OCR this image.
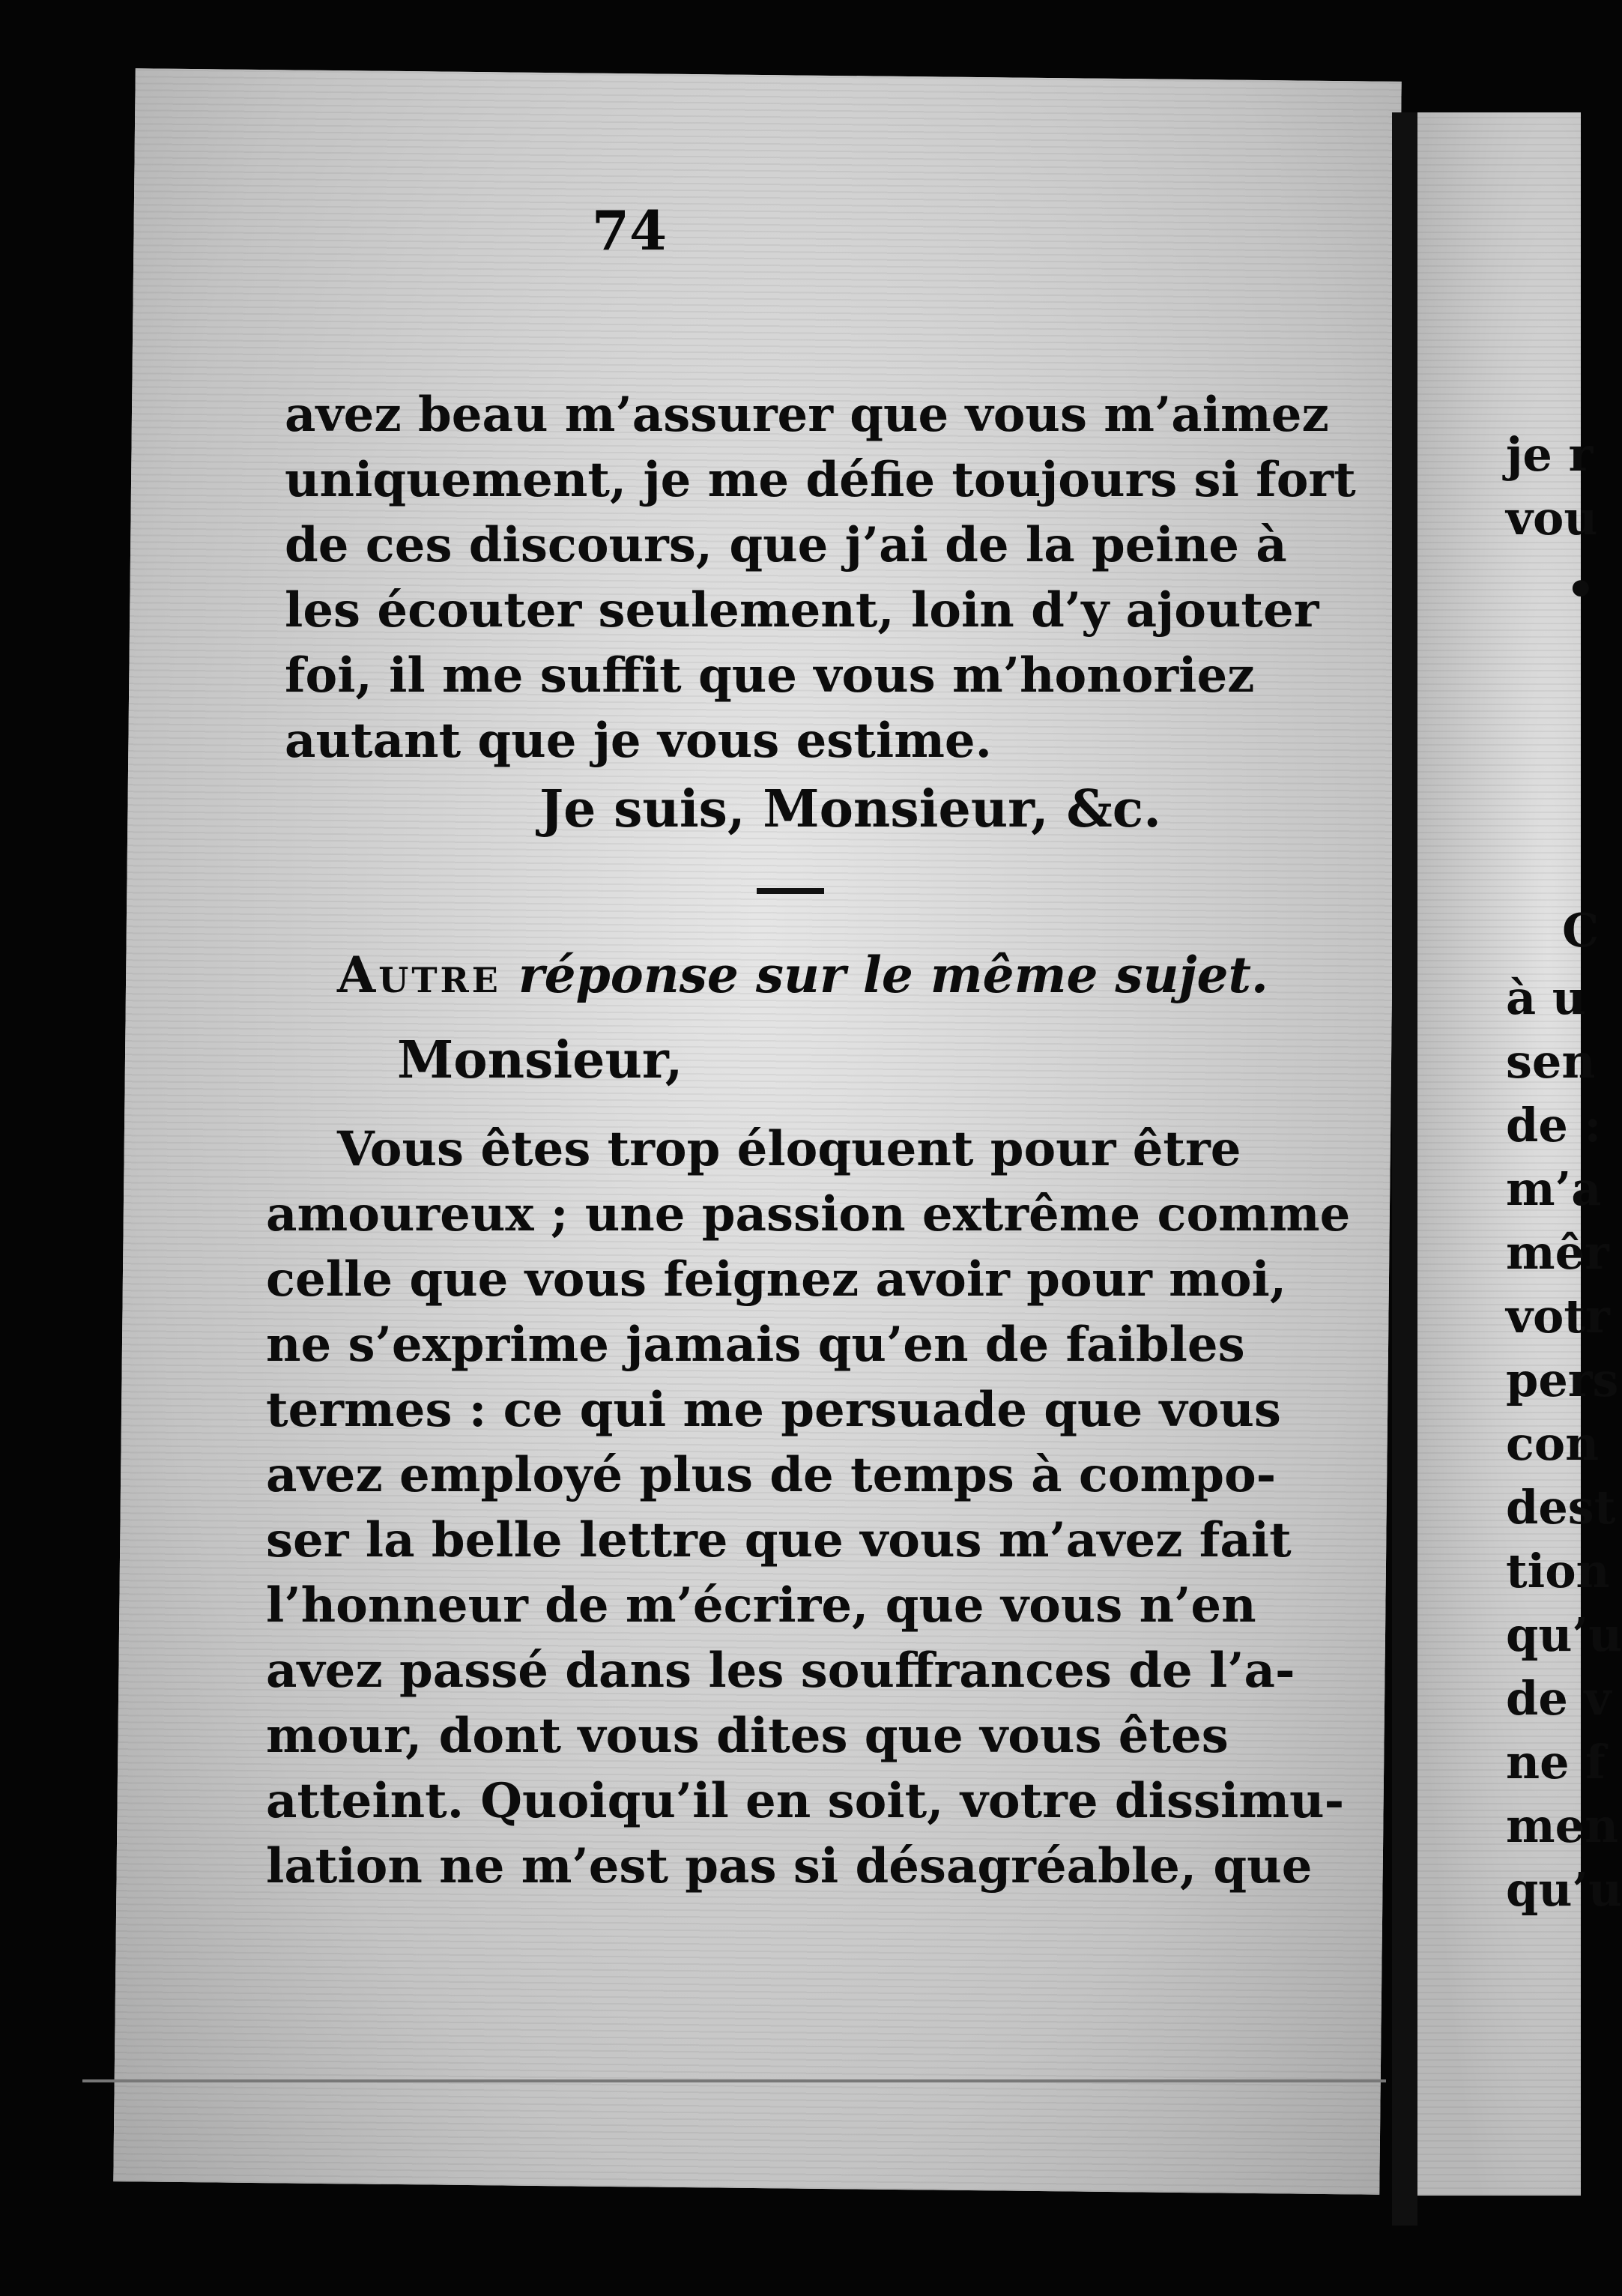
74
avez beau m’assurer que vous m’aimez
uniquement, je me défie toujours si fort
de ces discours, que j’ai de la peine à
les écouter seulement, loin d’y ajouter
foi, il me suffit que vous m’honoriez
autant que je vous estime.
Je suis, Monsieur, &c.
Autre réponse sur le même sujet.
Monsieur,
Vous êtes trop éloquent pour être
amoureux ; une passion extrême comme
celle que vous feignez avoir pour moi,
ne s’exprime jamais qu’en de faibles
termes : ce qui me persuade que vous
avez employé plus de temps à compo-
ser la belle lettre que vous m’avez fait
l’honneur de m’écrire, que vous n’en
avez passé dans les souffrances de l’a-
mour, dont vous dites que vous êtes
atteint. Quoiqu’il en soit, votre dissimu-
lation ne m’est pas si désagréable, que
je r
vou
•
C
à u
sen
de :
m’a
mêr
votr
pers
con
dest
tion
qu’u
de v
ne f
men
qu’u
